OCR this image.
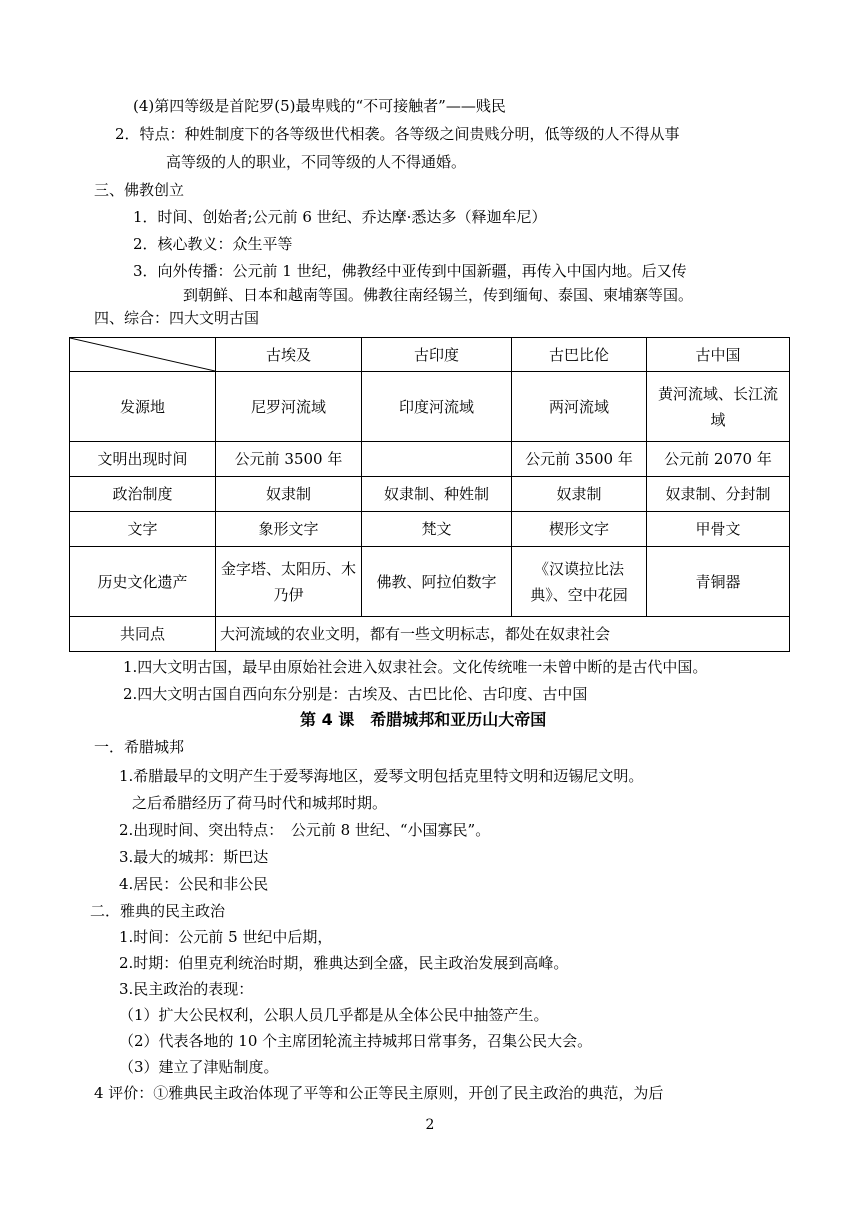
(4)第四等级是首陀罗(5)最卑贱的“不可接触者”——贱民
2．特点：种姓制度下的各等级世代相袭。各等级之间贵贱分明，低等级的人不得从事
高等级的人的职业，不同等级的人不得通婚。
三、佛教创立
1．时间、创始者;公元前 6 世纪、乔达摩·悉达多（释迦牟尼）
2．核心教义：众生平等
3．向外传播：公元前 1 世纪，佛教经中亚传到中国新疆，再传入中国内地。后又传
到朝鲜、日本和越南等国。佛教往南经锡兰，传到缅甸、泰国、柬埔寨等国。
四、综合：四大文明古国
	古埃及	古印度	古巴比伦	古中国
发源地	尼罗河流域	印度河流域	两河流域	黄河流域、长江流域
文明出现时间	公元前 3500 年		公元前 3500 年	公元前 2070 年
政治制度	奴隶制	奴隶制、种姓制	奴隶制	奴隶制、分封制
文字	象形文字	梵文	楔形文字	甲骨文
历史文化遗产	金字塔、太阳历、木乃伊	佛教、阿拉伯数字	《汉谟拉比法典》、空中花园	青铜器
共同点	大河流域的农业文明，都有一些文明标志，都处在奴隶社会			
1.四大文明古国，最早由原始社会进入奴隶社会。文化传统唯一未曾中断的是古代中国。
2.四大文明古国自西向东分别是：古埃及、古巴比伦、古印度、古中国
第 4 课　希腊城邦和亚历山大帝国
一．希腊城邦
1.希腊最早的文明产生于爱琴海地区，爱琴文明包括克里特文明和迈锡尼文明。
之后希腊经历了荷马时代和城邦时期。
2.出现时间、突出特点：　公元前 8 世纪、“小国寡民”。
3.最大的城邦：斯巴达
4.居民：公民和非公民
二．雅典的民主政治
1.时间：公元前 5 世纪中后期，
2.时期：伯里克利统治时期，雅典达到全盛，民主政治发展到高峰。
3.民主政治的表现：
（1）扩大公民权利，公职人员几乎都是从全体公民中抽签产生。
（2）代表各地的 10 个主席团轮流主持城邦日常事务，召集公民大会。
（3）建立了津贴制度。
4 评价：①雅典民主政治体现了平等和公正等民主原则，开创了民主政治的典范，为后
2
